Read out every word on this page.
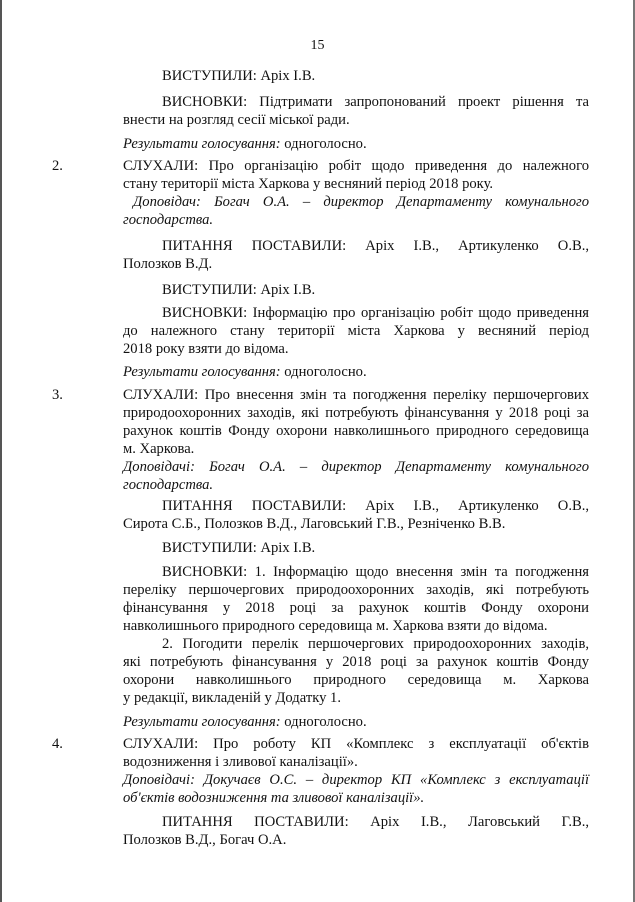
15
ВИСТУПИЛИ: Аріх І.В.
ВИСНОВКИ: Підтримати запропонований проект рішення та
внести на розгляд сесії міської ради.
Результати голосування: одноголосно.
2.	СЛУХАЛИ: Про організацію робіт щодо приведення до належного
стану території міста Харкова у весняний період 2018 року.
Доповідач: Богач О.А. – директор Департаменту комунального
господарства.
ПИТАННЯ ПОСТАВИЛИ: Аріх І.В., Артикуленко О.В.,
Полозков В.Д.
ВИСТУПИЛИ: Аріх І.В.
ВИСНОВКИ: Інформацію про організацію робіт щодо приведення
до належного стану території міста Харкова у весняний період
2018 року взяти до відома.
Результати голосування: одноголосно.
3.	СЛУХАЛИ: Про внесення змін та погодження переліку першочергових
природоохоронних заходів, які потребують фінансування у 2018 році за
рахунок коштів Фонду охорони навколишнього природного середовища
м. Харкова.
Доповідачі: Богач О.А. – директор Департаменту комунального
господарства.
ПИТАННЯ ПОСТАВИЛИ: Аріх І.В., Артикуленко О.В.,
Сирота С.Б., Полозков В.Д., Лаговський Г.В., Резніченко В.В.
ВИСТУПИЛИ: Аріх І.В.
ВИСНОВКИ: 1. Інформацію щодо внесення змін та погодження
переліку першочергових природоохоронних заходів, які потребують
фінансування у 2018 році за рахунок коштів Фонду охорони
навколишнього природного середовища м. Харкова взяти до відома.
2. Погодити перелік першочергових природоохоронних заходів,
які потребують фінансування у 2018 році за рахунок коштів Фонду
охорони навколишнього природного середовища м. Харкова
у редакції, викладеній у Додатку 1.
Результати голосування: одноголосно.
4.	СЛУХАЛИ: Про роботу КП «Комплекс з експлуатації об'єктів
водозниження і зливової каналізації».
Доповідачі: Докучаєв О.С. – директор КП «Комплекс з експлуатації
об'єктів водозниження та зливової каналізації».
ПИТАННЯ ПОСТАВИЛИ: Аріх І.В., Лаговський Г.В.,
Полозков В.Д., Богач О.А.
